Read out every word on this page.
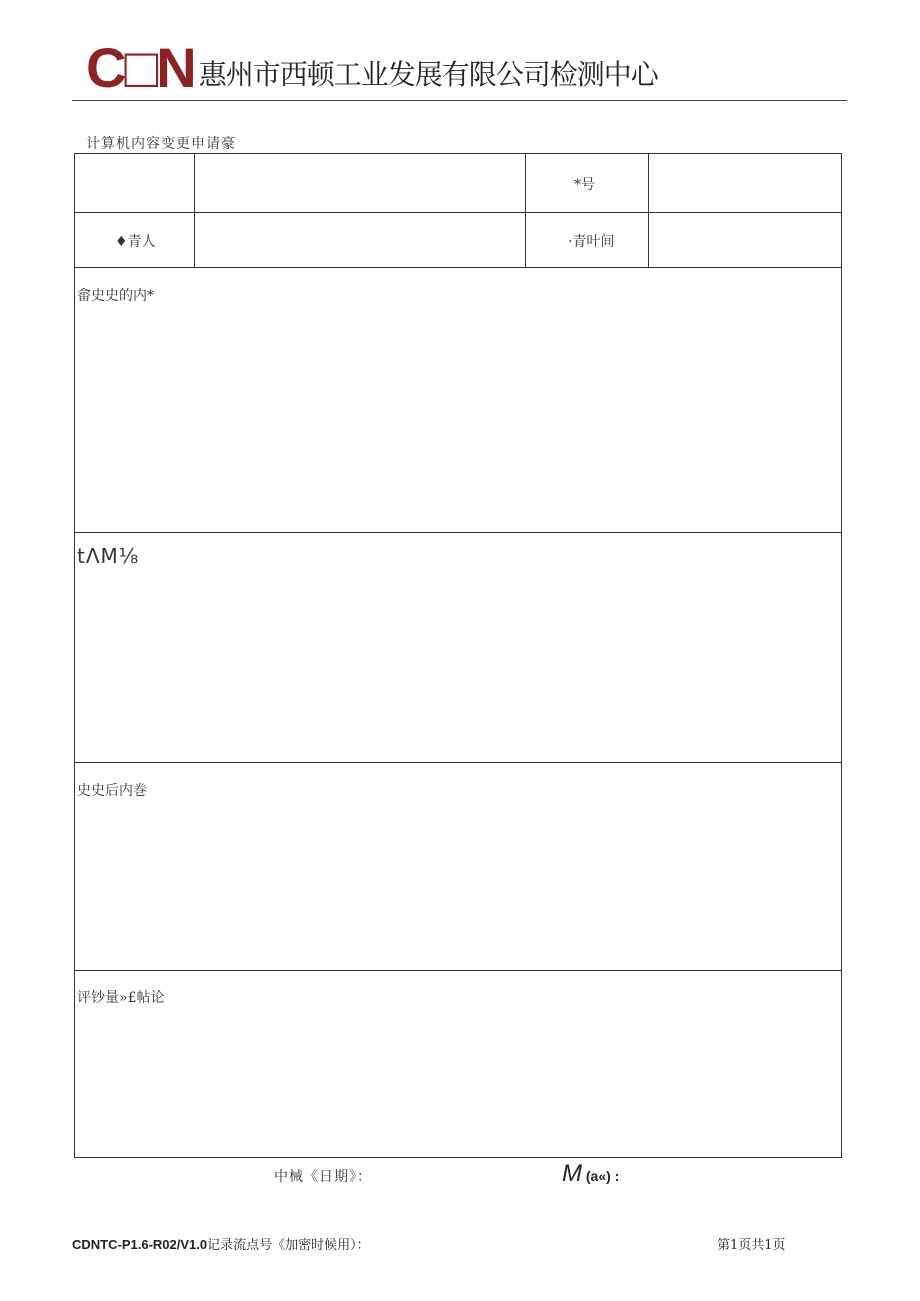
C□N 惠州市西顿工业发展有限公司检测中心
计算机内容变更申请豪
*号
♦青人	·青叶间
畲史史的内*
tΛΜ⅛
史史后内巻
评钞量»£帖论
中械《日期》：	M (a«) :
CDNTC-P1.6-R02/V1.0记录流点号《加密时候用）：	第1页共1页
